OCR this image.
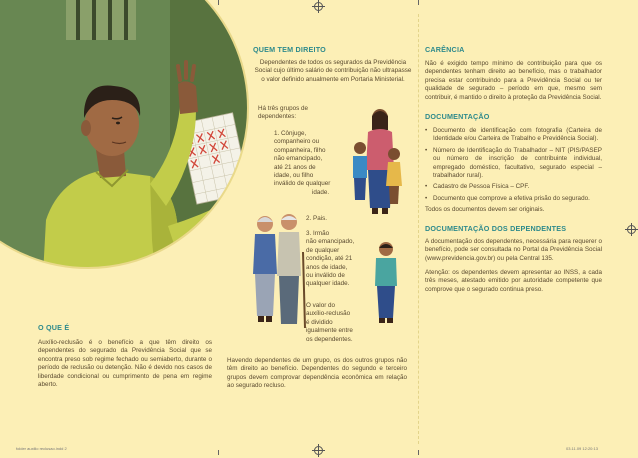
O QUE É

Auxílio-reclusão é o benefício a que têm direito os dependentes do segurado da Previdência Social que se encontra preso sob regime fechado ou semiaberto, durante o período de reclusão ou detenção. Não é devido nos casos de liberdade condicional ou cumprimento de pena em regime aberto.

QUEM TEM DIREITO

Dependentes de todos os segurados da Previdência Social cujo último salário de contribuição não ultrapasse o valor definido anualmente em Portaria Ministerial.

Há três grupos de
dependentes:
1. Cônjuge,
companheiro ou
companheira, filho
não emancipado,
até 21 anos de
idade, ou filho
inválido de qualquer
idade.
2. Pais.
3. Irmão
não emancipado,
de qualquer
condição, até 21
anos de idade,
ou inválido de
qualquer idade.
O valor do
auxílio-reclusão
é dividido
igualmente entre
os dependentes.

Havendo dependentes de um grupo, os dos outros grupos não têm direito ao benefício. Dependentes do segundo e terceiro grupos devem comprovar dependência econômica em relação ao segurado recluso.

CARÊNCIA

Não é exigido tempo mínimo de contribuição para que os dependentes tenham direito ao benefício, mas o trabalhador precisa estar contribuindo para a Previdência Social ou ter qualidade de segurado – período em que, mesmo sem contribuir, é mantido o direito à proteção da Previdência Social.

DOCUMENTAÇÃO
• Documento de identificação com fotografia (Carteira de Identidade e/ou Carteira de Trabalho e Previdência Social).
• Número de Identificação do Trabalhador – NIT (PIS/PASEP ou número de inscrição de contribuinte individual, empregado doméstico, facultativo, segurado especial – trabalhador rural).
• Cadastro de Pessoa Física – CPF.
• Documento que comprove a efetiva prisão do segurado.

Todos os documentos devem ser originais.

DOCUMENTAÇÃO DOS DEPENDENTES

A documentação dos dependentes, necessária para requerer o benefício, pode ser consultada no Portal da Previdência Social (www.previdencia.gov.br) ou pela Central 135.

Atenção: os dependentes devem apresentar ao INSS, a cada três meses, atestado emitido por autoridade competente que comprove que o segurado continua preso.

folder auxilio reclusao.indd 2	03.11.09 12:20:13
